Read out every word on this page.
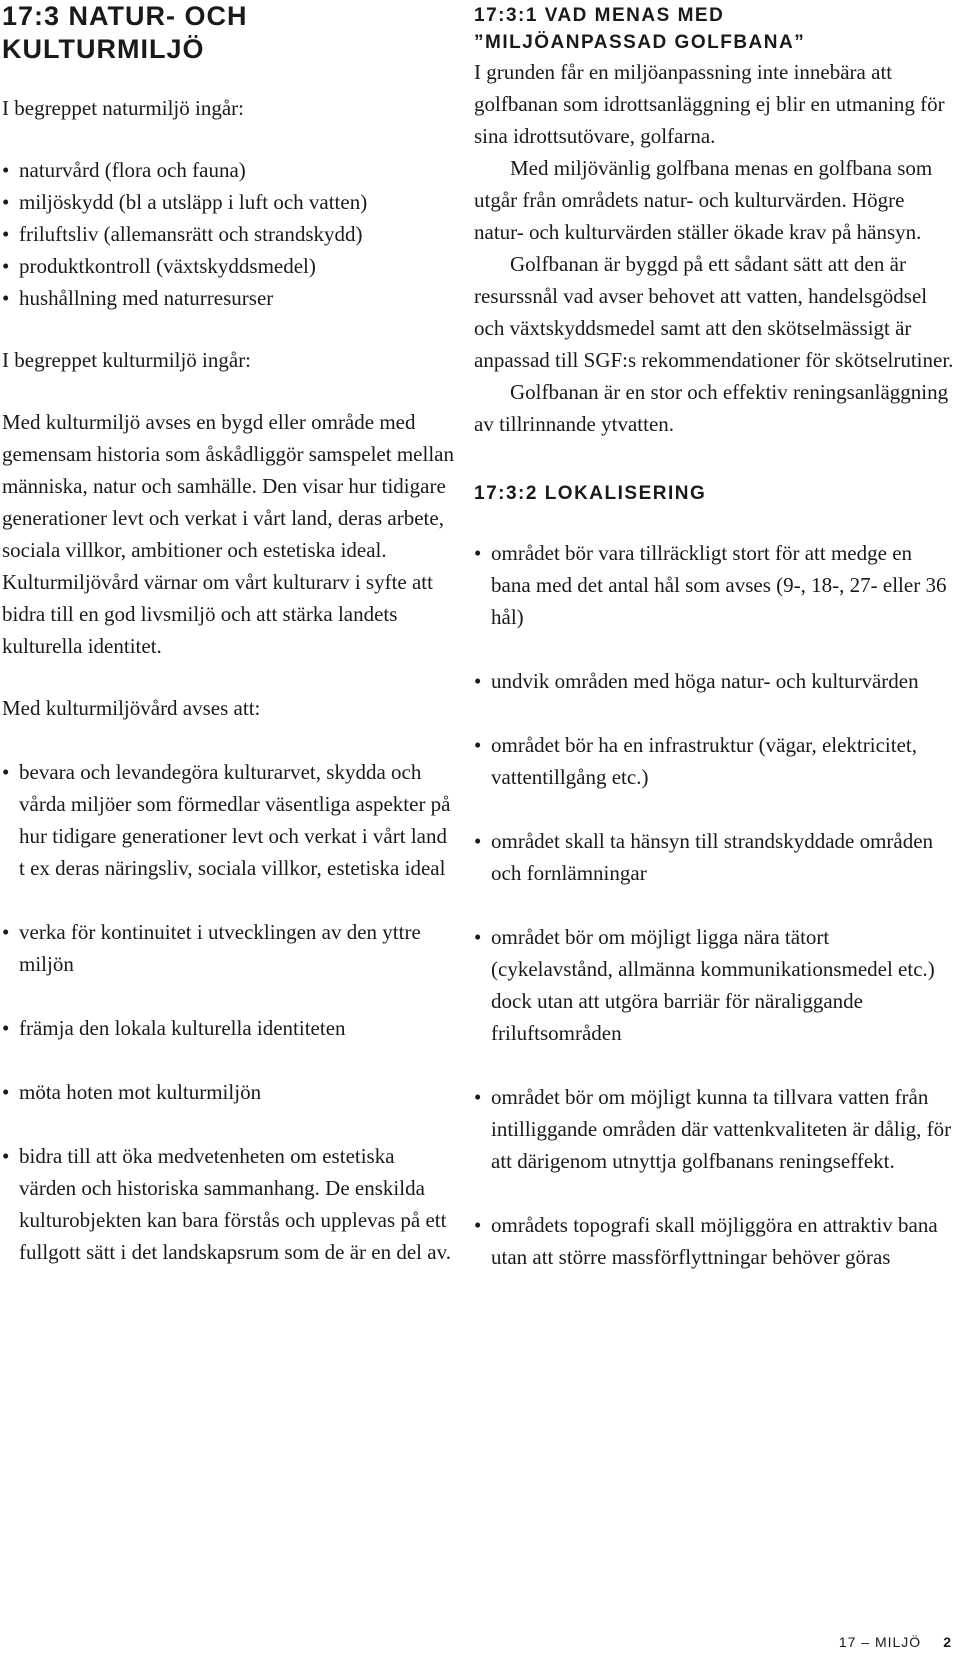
17:3 NATUR- OCH
KULTURMILJÖ

I begreppet naturmiljö ingår:

• naturvård (flora och fauna)
• miljöskydd (bl a utsläpp i luft och vatten)
• friluftsliv (allemansrätt och strandskydd)
• produktkontroll (växtskyddsmedel)
• hushållning med naturresurser

I begreppet kulturmiljö ingår:

Med kulturmiljö avses en bygd eller område med gemensam historia som åskådliggör samspelet mellan människa, natur och samhälle. Den visar hur tidigare generationer levt och verkat i vårt land, deras arbete, sociala villkor, ambitioner och estetiska ideal. Kulturmiljövård värnar om vårt kulturarv i syfte att bidra till en god livsmiljö och att stärka landets kulturella identitet.

Med kulturmiljövård avses att:

• bevara och levandegöra kulturarvet, skydda och vårda miljöer som förmedlar väsentliga aspekter på hur tidigare generationer levt och verkat i vårt land t ex deras näringsliv, sociala villkor, estetiska ideal
• verka för kontinuitet i utvecklingen av den yttre miljön
• främja den lokala kulturella identiteten
• möta hoten mot kulturmiljön
• bidra till att öka medvetenheten om estetiska värden och historiska sammanhang. De enskilda kulturobjekten kan bara förstås och upplevas på ett fullgott sätt i det landskapsrum som de är en del av.
17:3:1 VAD MENAS MED
”MILJÖANPASSAD GOLFBANA”

I grunden får en miljöanpassning inte innebära att golfbanan som idrottsanläggning ej blir en utmaning för sina idrottsutövare, golfarna.

Med miljövänlig golfbana menas en golfbana som utgår från områdets natur- och kulturvärden. Högre natur- och kulturvärden ställer ökade krav på hänsyn.

Golfbanan är byggd på ett sådant sätt att den är resurssnål vad avser behovet att vatten, handelsgödsel och växtskyddsmedel samt att den skötselmässigt är anpassad till SGF:s rekommendationer för skötselrutiner.

Golfbanan är en stor och effektiv reningsanläggning av tillrinnande ytvatten.

17:3:2 LOKALISERING
• området bör vara tillräckligt stort för att medge en bana med det antal hål som avses (9-, 18-, 27- eller 36 hål)
• undvik områden med höga natur- och kulturvärden
• området bör ha en infrastruktur (vägar, elektricitet, vattentillgång etc.)
• området skall ta hänsyn till strandskyddade områden och fornlämningar
• området bör om möjligt ligga nära tätort (cykelavstånd, allmänna kommunikationsmedel etc.) dock utan att utgöra barriär för näraliggande friluftsområden
• området bör om möjligt kunna ta tillvara vatten från intilliggande områden där vattenkvaliteten är dålig, för att därigenom utnyttja golfbanans reningseffekt.
• områdets topografi skall möjliggöra en attraktiv bana utan att större massförflyttningar behöver göras
17 – MILJÖ 2
